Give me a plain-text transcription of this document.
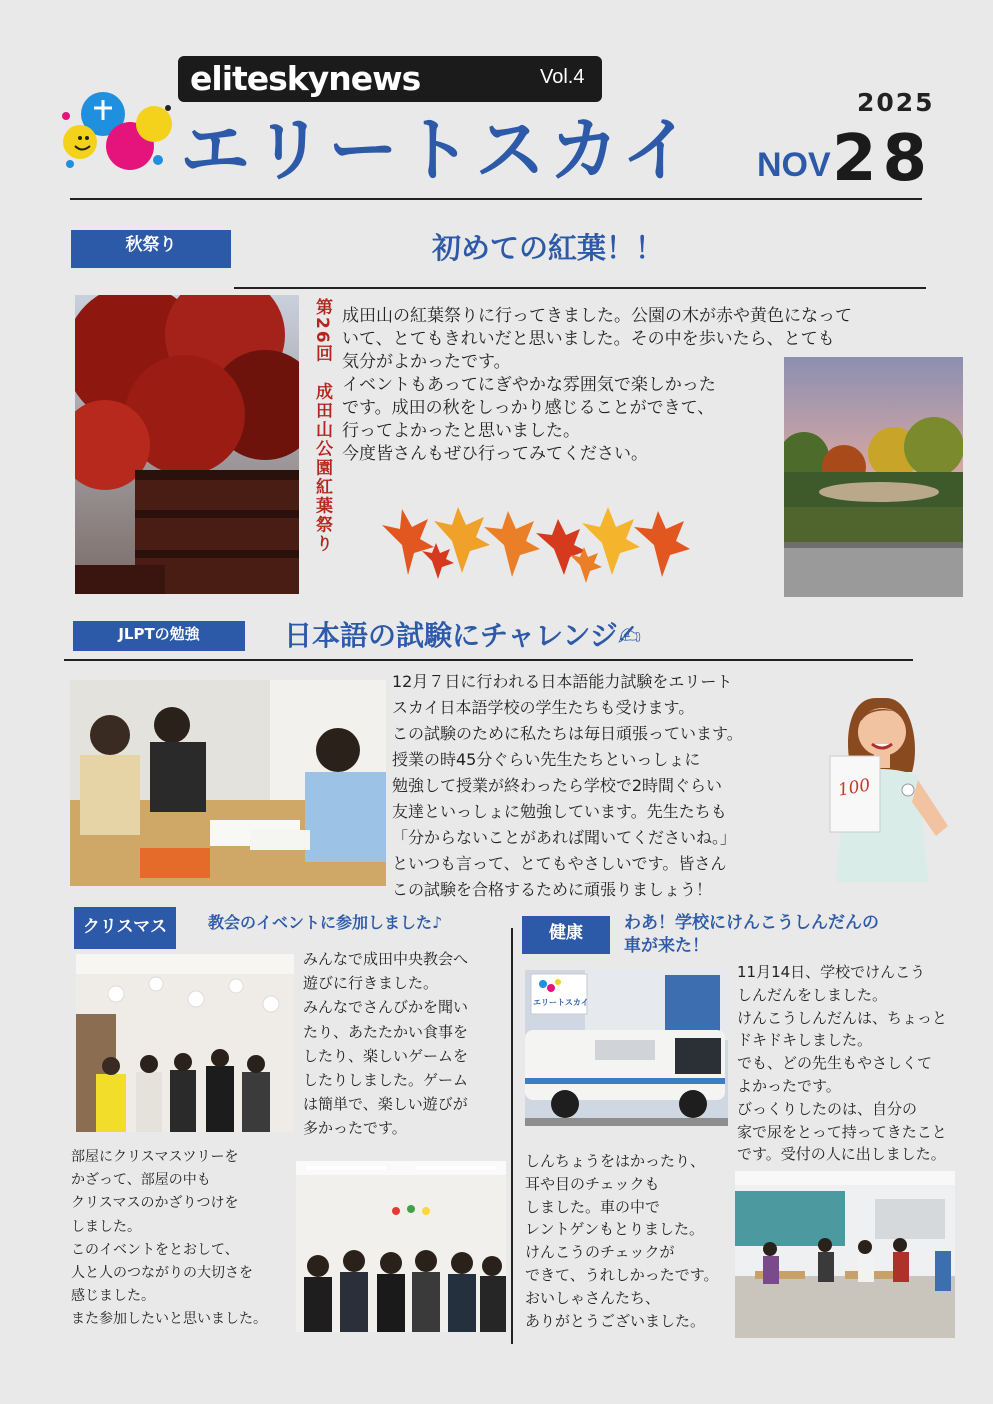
eliteskynews	Vol.4
エリートスカイ
2025
NOV 28
秋祭り	初めての紅葉！！
第26回　成田山公園紅葉祭り 成田山の紅葉祭りに行ってきました。公園の木が赤や黄色になって
いて、とてもきれいだと思いました。その中を歩いたら、とても
気分がよかったです。
イベントもあってにぎやかな雰囲気で楽しかった
です。成田の秋をしっかり感じることができて、
行ってよかったと思いました。
今度皆さんもぜひ行ってみてください。
JLPTの勉強	日本語の試験にチャレンジ✍
12月７日に行われる日本語能力試験をエリート
スカイ日本語学校の学生たちも受けます。
この試験のために私たちは毎日頑張っています。
授業の時45分ぐらい先生たちといっしょに
勉強して授業が終わったら学校で2時間ぐらい
友達といっしょに勉強しています。先生たちも
「分からないことがあれば聞いてくださいね。」
といつも言って、とてもやさしいです。皆さん
この試験を合格するために頑張りましょう！
100
クリスマス	教会のイベントに参加しました♪
みんなで成田中央教会へ
遊びに行きました。
みんなでさんびかを聞い
たり、あたたかい食事を
したり、楽しいゲームを
したりしました。ゲーム
は簡単で、楽しい遊びが
多かったです。
部屋にクリスマスツリーを
かざって、部屋の中も
クリスマスのかざりつけを
しました。
このイベントをとおして、
人と人のつながりの大切さを
感じました。
また参加したいと思いました。
健康	わあ！学校にけんこうしんだんの
車が来た！
エリートスカイ
11月14日、学校でけんこう
しんだんをしました。
けんこうしんだんは、ちょっと
ドキドキしました。
でも、どの先生もやさしくて
よかったです。
びっくりしたのは、自分の
家で尿をとって持ってきたこと
です。受付の人に出しました。
しんちょうをはかったり、
耳や目のチェックも
しました。車の中で
レントゲンもとりました。
けんこうのチェックが
できて、うれしかったです。
おいしゃさんたち、
ありがとうございました。
